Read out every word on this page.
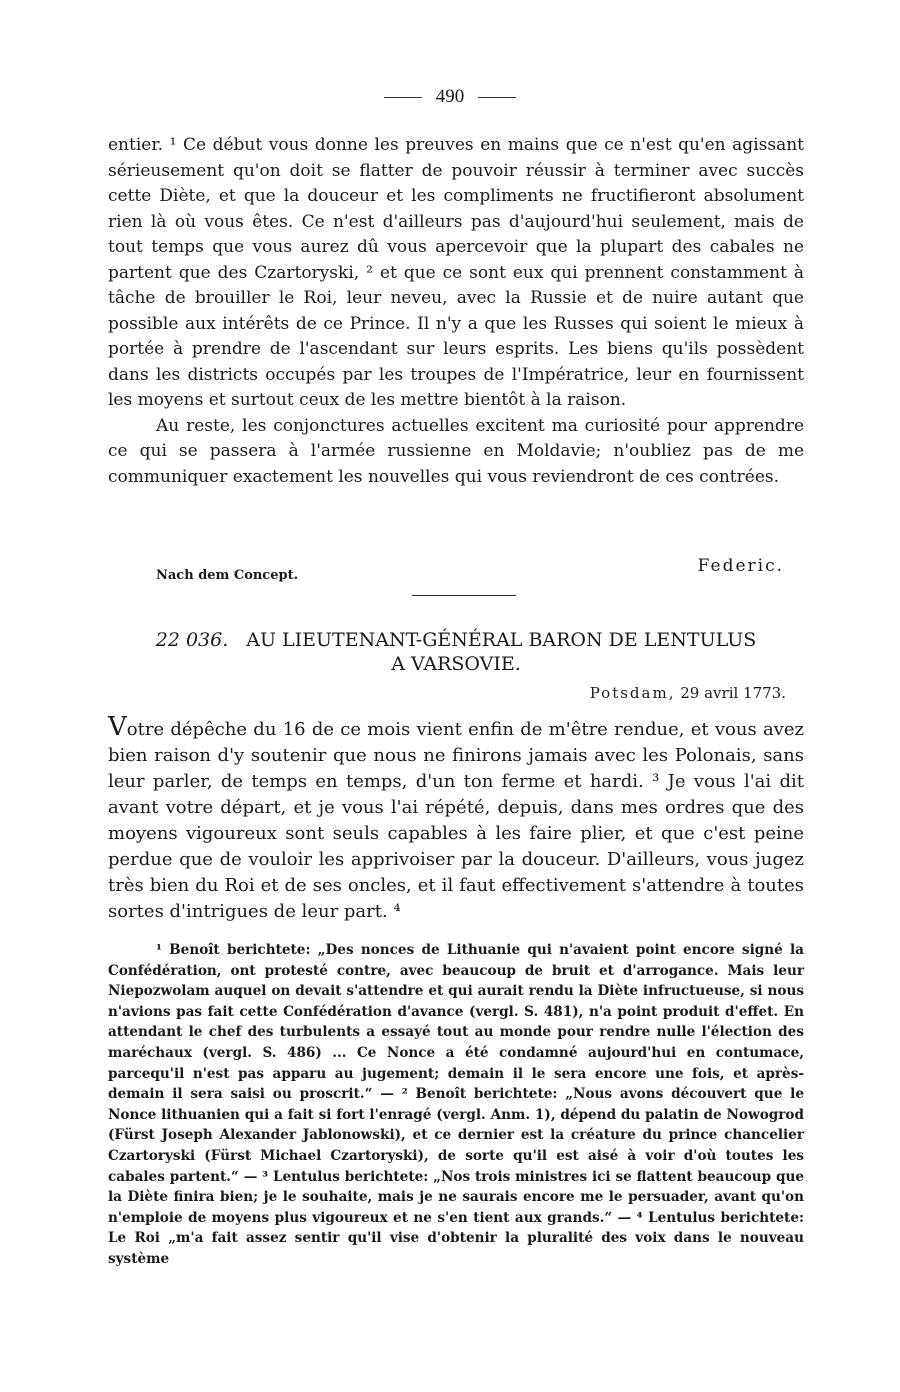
490

entier. ¹ Ce début vous donne les preuves en mains que ce n'est qu'en agissant sérieusement qu'on doit se flatter de pouvoir réussir à terminer avec succès cette Diète, et que la douceur et les compliments ne fructifieront absolument rien là où vous êtes. Ce n'est d'ailleurs pas d'aujourd'hui seulement, mais de tout temps que vous aurez dû vous apercevoir que la plupart des cabales ne partent que des Czartoryski, ² et que ce sont eux qui prennent constamment à tâche de brouiller le Roi, leur neveu, avec la Russie et de nuire autant que possible aux intérêts de ce Prince. Il n'y a que les Russes qui soient le mieux à portée à prendre de l'ascendant sur leurs esprits. Les biens qu'ils possèdent dans les districts occupés par les troupes de l'Impératrice, leur en fournissent les moyens et surtout ceux de les mettre bientôt à la raison.

Au reste, les conjonctures actuelles excitent ma curiosité pour apprendre ce qui se passera à l'armée russienne en Moldavie; n'oubliez pas de me communiquer exactement les nouvelles qui vous reviendront de ces contrées.

Nach dem Concept.	Federic.
22 036. AU LIEUTENANT-GÉNÉRAL BARON DE LENTULUS
A VARSOVIE.
Potsdam, 29 avril 1773.

Votre dépêche du 16 de ce mois vient enfin de m'être rendue, et vous avez bien raison d'y soutenir que nous ne finirons jamais avec les Polonais, sans leur parler, de temps en temps, d'un ton ferme et hardi. ³ Je vous l'ai dit avant votre départ, et je vous l'ai répété, depuis, dans mes ordres que des moyens vigoureux sont seuls capables à les faire plier, et que c'est peine perdue que de vouloir les apprivoiser par la douceur. D'ailleurs, vous jugez très bien du Roi et de ses oncles, et il faut effectivement s'attendre à toutes sortes d'intrigues de leur part. ⁴

¹ Benoît berichtete: „Des nonces de Lithuanie qui n'avaient point encore signé la Confédération, ont protesté contre, avec beaucoup de bruit et d'arrogance. Mais leur Niepozwolam auquel on devait s'attendre et qui aurait rendu la Diète infructueuse, si nous n'avions pas fait cette Confédération d'avance (vergl. S. 481), n'a point produit d'effet. En attendant le chef des turbulents a essayé tout au monde pour rendre nulle l'élection des maréchaux (vergl. S. 486) ... Ce Nonce a été condamné aujourd'hui en contumace, parcequ'il n'est pas apparu au jugement; demain il le sera encore une fois, et après-demain il sera saisi ou proscrit.“ — ² Benoît berichtete: „Nous avons découvert que le Nonce lithuanien qui a fait si fort l'enragé (vergl. Anm. 1), dépend du palatin de Nowogrod (Fürst Joseph Alexander Jablonowski), et ce dernier est la créature du prince chancelier Czartoryski (Fürst Michael Czartoryski), de sorte qu'il est aisé à voir d'où toutes les cabales partent.“ — ³ Lentulus berichtete: „Nos trois ministres ici se flattent beaucoup que la Diète finira bien; je le souhaite, mais je ne saurais encore me le persuader, avant qu'on n'emploie de moyens plus vigoureux et ne s'en tient aux grands.“ — ⁴ Lentulus berichtete: Le Roi „m'a fait assez sentir qu'il vise d'obtenir la pluralité des voix dans le nouveau système
